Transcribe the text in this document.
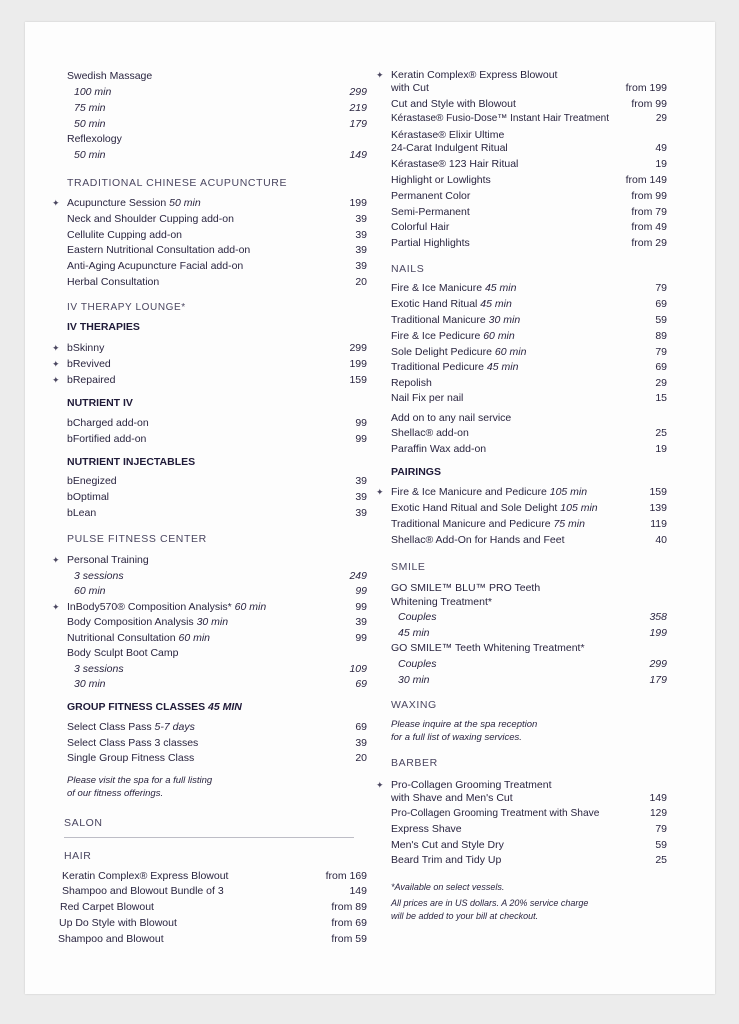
Swedish Massage
100 min	299
75 min	219
50 min	179
Reflexology
50 min	149
TRADITIONAL CHINESE ACUPUNCTURE
✦ Acupuncture Session 50 min	199
Neck and Shoulder Cupping add-on	39
Cellulite Cupping add-on	39
Eastern Nutritional Consultation add-on	39
Anti-Aging Acupuncture Facial add-on	39
Herbal Consultation	20
IV THERAPY LOUNGE*
IV THERAPIES
✦ bSkinny	299
✦ bRevived	199
✦ bRepaired	159
NUTRIENT IV
bCharged add-on	99
bFortified add-on	99
NUTRIENT INJECTABLES
bEnegized	39
bOptimal	39
bLean	39
PULSE FITNESS CENTER
✦ Personal Training
3 sessions	249
60 min	99
✦ InBody570® Composition Analysis* 60 min	99
Body Composition Analysis 30 min	39
Nutritional Consultation 60 min	99
Body Sculpt Boot Camp
3 sessions	109
30 min	69
GROUP FITNESS CLASSES 45 MIN
Select Class Pass 5-7 days	69
Select Class Pass 3 classes	39
Single Group Fitness Class	20
Please visit the spa for a full listing
of our fitness offerings.
SALON
HAIR
Keratin Complex® Express Blowout	from 169
Shampoo and Blowout Bundle of 3	149
Red Carpet Blowout	from 89
Up Do Style with Blowout	from 69
Shampoo and Blowout	from 59
✦ Keratin Complex® Express Blowout
with Cut	from 199
Cut and Style with Blowout	from 99
Kérastase® Fusio-Dose™ Instant Hair Treatment	29
Kérastase® Elixir Ultime
24-Carat Indulgent Ritual	49
Kérastase® 123 Hair Ritual	19
Highlight or Lowlights	from 149
Permanent Color	from 99
Semi-Permanent	from 79
Colorful Hair	from 49
Partial Highlights	from 29
NAILS
Fire & Ice Manicure 45 min	79
Exotic Hand Ritual 45 min	69
Traditional Manicure 30 min	59
Fire & Ice Pedicure 60 min	89
Sole Delight Pedicure 60 min	79
Traditional Pedicure 45 min	69
Repolish	29
Nail Fix per nail	15
Add on to any nail service
Shellac® add-on	25
Paraffin Wax add-on	19
PAIRINGS
✦ Fire & Ice Manicure and Pedicure 105 min	159
Exotic Hand Ritual and Sole Delight 105 min	139
Traditional Manicure and Pedicure 75 min	119
Shellac® Add-On for Hands and Feet	40
SMILE
GO SMILE™ BLU™ PRO Teeth
Whitening Treatment*
Couples	358
45 min	199
GO SMILE™ Teeth Whitening Treatment*
Couples	299
30 min	179
WAXING
Please inquire at the spa reception
for a full list of waxing services.
BARBER
✦ Pro-Collagen Grooming Treatment
with Shave and Men's Cut	149
Pro-Collagen Grooming Treatment with Shave	129
Express Shave	79
Men's Cut and Style Dry	59
Beard Trim and Tidy Up	25
*Available on select vessels.
All prices are in US dollars. A 20% service charge
will be added to your bill at checkout.
